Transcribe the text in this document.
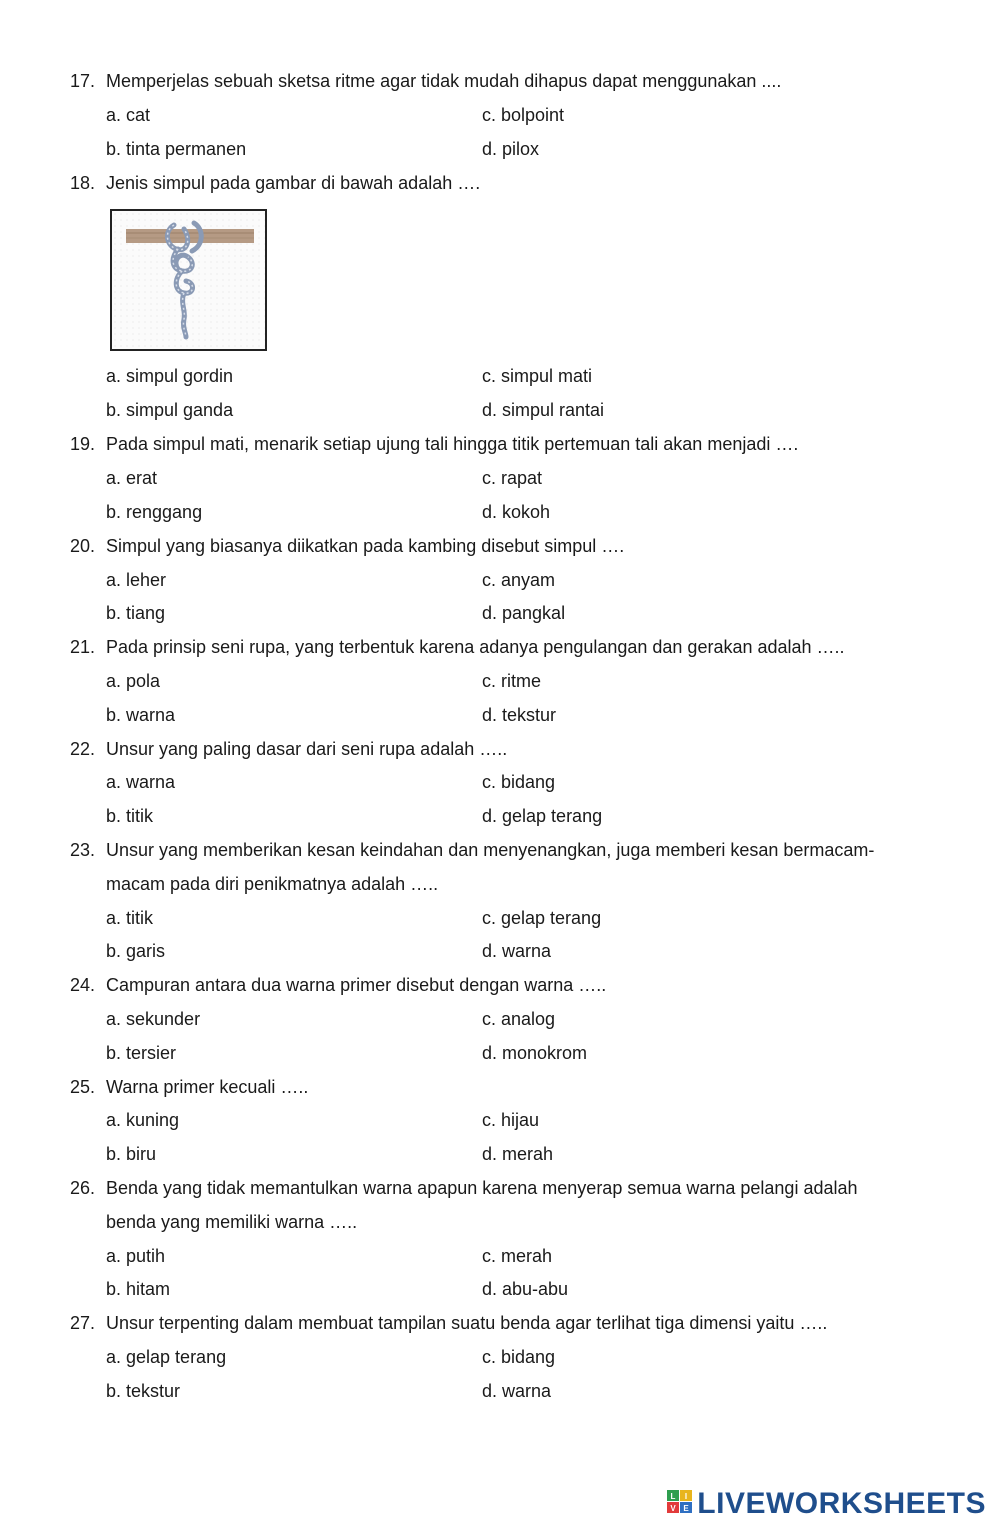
17. Memperjelas sebuah sketsa ritme agar tidak mudah dihapus dapat menggunakan ....
a. cat	c. bolpoint
b. tinta permanen	d. pilox
18. Jenis simpul pada gambar di bawah adalah ….
a. simpul gordin	c. simpul mati
b. simpul ganda	d. simpul rantai
19. Pada simpul mati, menarik setiap ujung tali hingga titik pertemuan tali akan menjadi ….
a. erat	c. rapat
b. renggang	d. kokoh
20. Simpul yang biasanya diikatkan pada kambing disebut simpul ….
a. leher	c. anyam
b. tiang	d. pangkal
21. Pada prinsip seni rupa, yang terbentuk karena adanya pengulangan dan gerakan adalah …..
a. pola	c. ritme
b. warna	d. tekstur
22. Unsur yang paling dasar dari seni rupa adalah …..
a. warna	c. bidang
b. titik	d. gelap terang
23. Unsur yang memberikan kesan keindahan dan menyenangkan, juga memberi kesan bermacam-
macam pada diri penikmatnya adalah …..
a. titik	c. gelap terang
b. garis	d. warna
24. Campuran antara dua warna primer disebut dengan warna …..
a. sekunder	c. analog
b. tersier	d. monokrom
25. Warna primer kecuali …..
a. kuning	c. hijau
b. biru	d. merah
26. Benda yang tidak memantulkan warna apapun karena menyerap semua warna pelangi adalah
benda yang memiliki warna …..
a. putih	c. merah
b. hitam	d. abu-abu
27. Unsur terpenting dalam membuat tampilan suatu benda agar terlihat tiga dimensi yaitu …..
a. gelap terang	c. bidang
b. tekstur	d. warna
L I
V E LIVEWORKSHEETS
